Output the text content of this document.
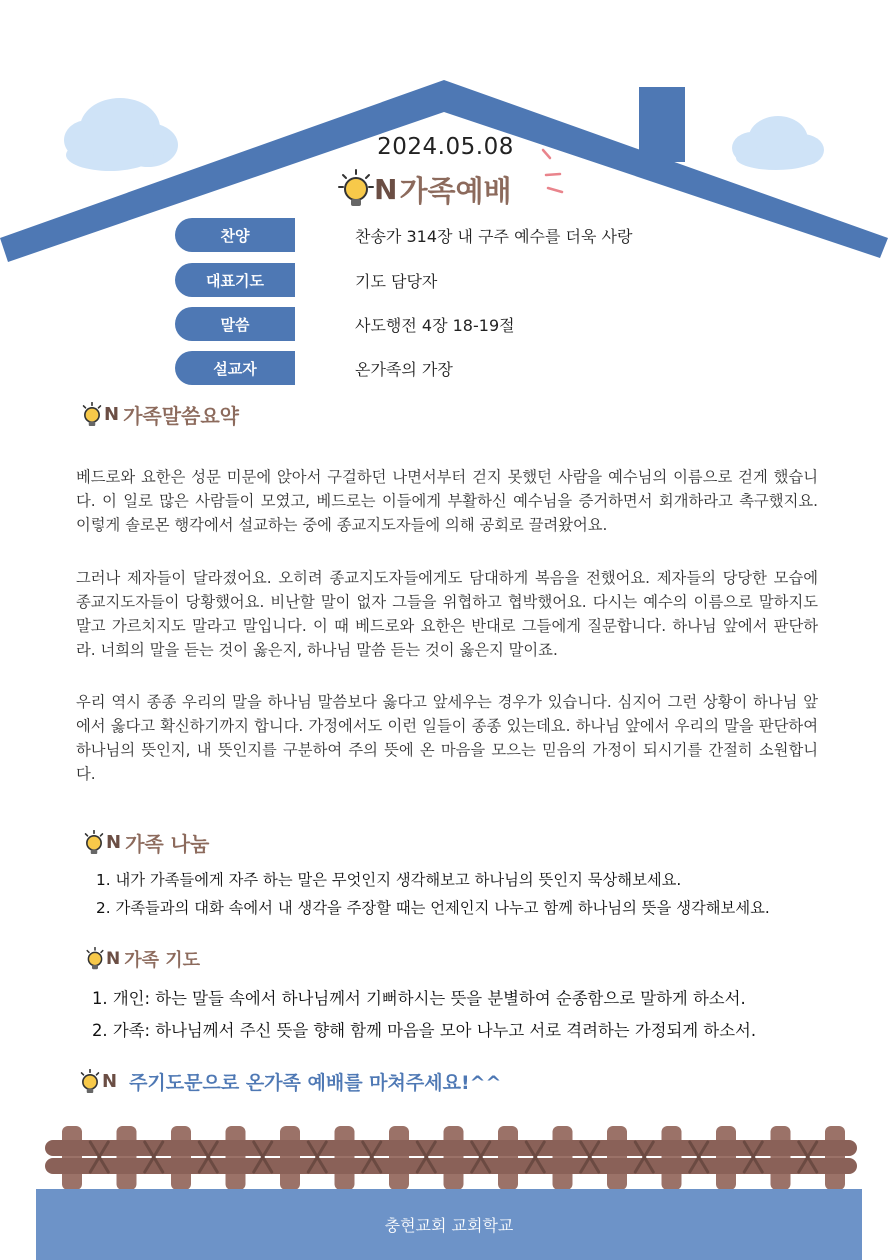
2024.05.08
N 가족예배
찬양	찬송가 314장 내 구주 예수를 더욱 사랑
대표기도	기도 담당자
말씀	사도행전 4장 18-19절
설교자	온가족의 가장
N 가족말씀요약

베드로와 요한은 성문 미문에 앉아서 구걸하던 나면서부터 걷지 못했던 사람을 예수님의 이름으로 걷게 했습니다. 이 일로 많은 사람들이 모였고, 베드로는 이들에게 부활하신 예수님을 증거하면서 회개하라고 촉구했지요. 이렇게 솔로몬 행각에서 설교하는 중에 종교지도자들에 의해 공회로 끌려왔어요.

그러나 제자들이 달라졌어요. 오히려 종교지도자들에게도 담대하게 복음을 전했어요. 제자들의 당당한 모습에 종교지도자들이 당황했어요. 비난할 말이 없자 그들을 위협하고 협박했어요. 다시는 예수의 이름으로 말하지도 말고 가르치지도 말라고 말입니다. 이 때 베드로와 요한은 반대로 그들에게 질문합니다. 하나님 앞에서 판단하라. 너희의 말을 듣는 것이 옳은지, 하나님 말씀 듣는 것이 옳은지 말이죠.

우리 역시 종종 우리의 말을 하나님 말씀보다 옳다고 앞세우는 경우가 있습니다. 심지어 그런 상황이 하나님 앞에서 옳다고 확신하기까지 합니다. 가정에서도 이런 일들이 종종 있는데요. 하나님 앞에서 우리의 말을 판단하여 하나님의 뜻인지, 내 뜻인지를 구분하여 주의 뜻에 온 마음을 모으는 믿음의 가정이 되시기를 간절히 소원합니다.

N 가족 나눔
1. 내가 가족들에게 자주 하는 말은 무엇인지 생각해보고 하나님의 뜻인지 묵상해보세요.
2. 가족들과의 대화 속에서 내 생각을 주장할 때는 언제인지 나누고 함께 하나님의 뜻을 생각해보세요.
N 가족 기도
1. 개인: 하는 말들 속에서 하나님께서 기뻐하시는 뜻을 분별하여 순종함으로 말하게 하소서.
2. 가족: 하나님께서 주신 뜻을 향해 함께 마음을 모아 나누고 서로 격려하는 가정되게 하소서.
N 주기도문으로 온가족 예배를 마쳐주세요!^^
충현교회 교회학교
